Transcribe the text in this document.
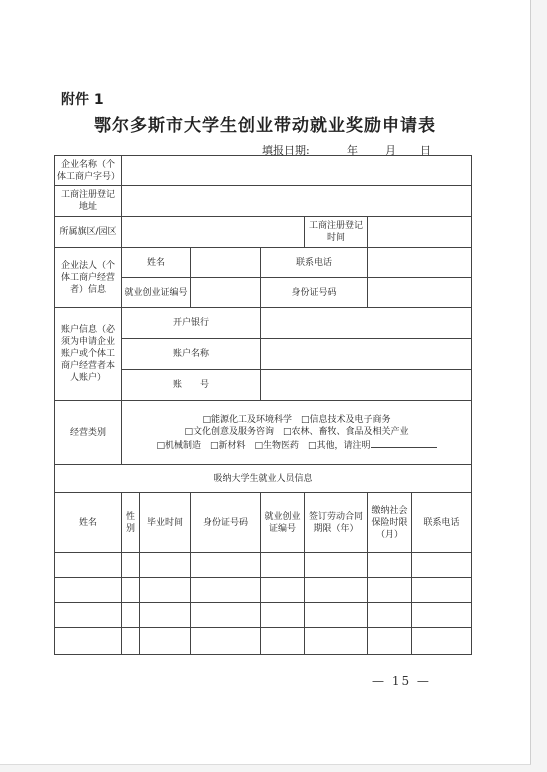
附件 1
鄂尔多斯市大学生创业带动就业奖励申请表
填报日期:	年 月 日
企业名称（个体工商户字号）							
工商注册登记地址							
所属旗区/园区					工商注册登记时间		
企业法人（个体工商户经营者）信息	姓名			联系电话			
	就业创业证编号			身份证号码			
账户信息（必须为申请企业账户或个体工商户经营者本人账户）	开户银行						
	账户名称						
	账　　号						
经营类别	□能源化工及环境科学　□信息技术及电子商务
□文化创意及服务咨询　□农林、畜牧、食品及相关产业
□机械制造　□新材料　□生物医药　□其他，请注明						

吸纳大学生就业人员信息							
姓名	性别	毕业时间	身份证号码	就业创业证编号	签订劳动合同期限（年）	缴纳社会保险时限（月）	联系电话

— 15 —
